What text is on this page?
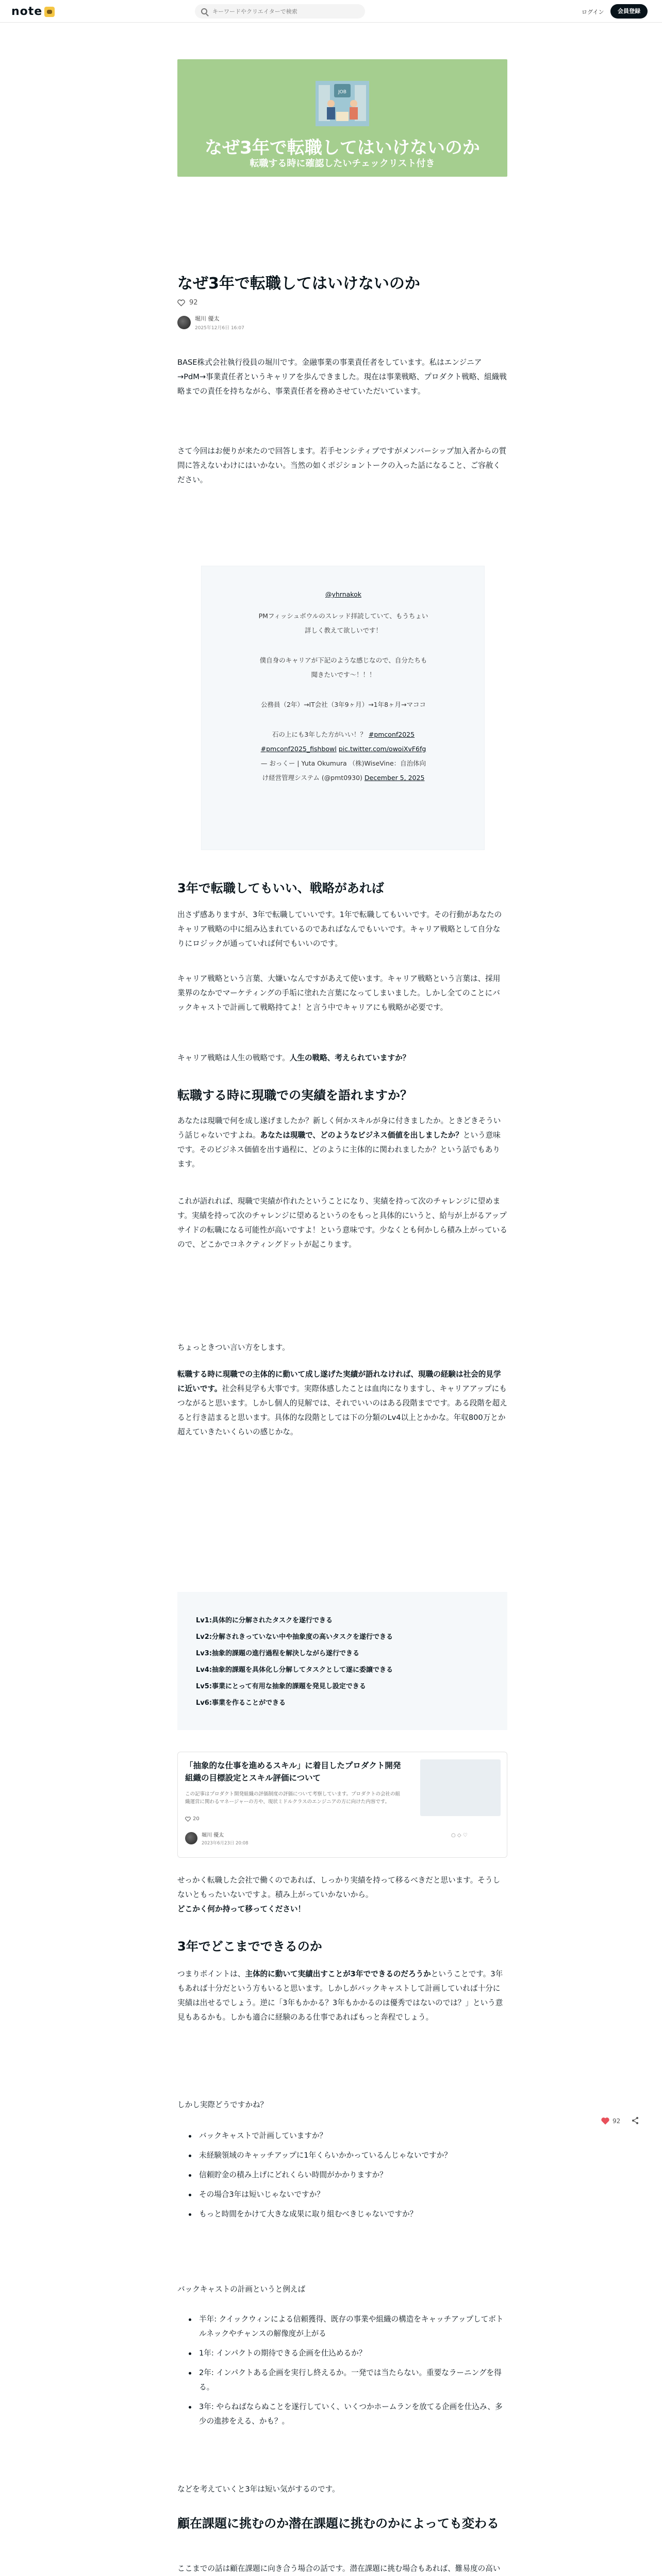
note
キーワードやクリエイターで検索	ログイン	会員登録
JOB
なぜ3年で転職してはいけないのか
転職する時に確認したいチェックリスト付き
なぜ3年で転職してはいけないのか
92
堀川 優太
2025年12月6日 16:07

BASE株式会社執行役員の堀川です。金融事業の事業責任者をしています。私はエンジニア→PdM→事業責任者というキャリアを歩んできました。現在は事業戦略、プロダクト戦略、組織戦略までの責任を持ちながら、事業責任者を務めさせていただいています。

さて今回はお便りが来たので回答します。若手センシティブですがメンバーシップ加入者からの質問に答えないわけにはいかない。当然の如くポジショントークの入った話になること、ご容赦ください。

@yhrnakok
PMフィッシュボウルのスレッド拝読していて、もうちょい
詳しく教えて欲しいです！
僕自身のキャリアが下記のような感じなので、自分たちも
聞きたいです〜！！！
公務員（2年）→IT会社（3年9ヶ月）→1年8ヶ月→マココ
石の上にも3年した方がいい！？ #pmconf2025
#pmconf2025_fishbowl pic.twitter.com/owoiXvF6fg
— おっくー | Yuta Okumura （株)WiseVine：自治体向
け経営管理システム (@pmt0930) December 5, 2025
3年で転職してもいい、戦略があれば

出さず感ありますが、3年で転職していいです。1年で転職してもいいです。その行動があなたのキャリア戦略の中に組み込まれているのであればなんでもいいです。キャリア戦略として自分なりにロジックが通っていれば何でもいいのです。

キャリア戦略という言葉、大嫌いなんですがあえて使います。キャリア戦略という言葉は、採用業界のなかでマーケティングの手垢に塗れた言葉になってしまいました。しかし全てのことにバックキャストで計画して戦略持てよ！と言う中でキャリアにも戦略が必要です。

キャリア戦略は人生の戦略です。人生の戦略、考えられていますか？

転職する時に現職での実績を語れますか？

あなたは現職で何を成し遂げましたか？新しく何かスキルが身に付きましたか。ときどきそういう話じゃないですよね。あなたは現職で、どのようなビジネス価値を出しましたか？という意味です。そのビジネス価値を出す過程に、どのように主体的に関われましたか？という話でもあります。

これが語れれば、現職で実績が作れたということになり、実績を持って次のチャレンジに望めます。実績を持って次のチャレンジに望めるというのをもっと具体的にいうと、給与が上がるアップサイドの転職になる可能性が高いですよ！という意味です。少なくとも何かしら積み上がっているので、どこかでコネクティングドットが起こります。

ちょっときつい言い方をします。

転職する時に現職での主体的に動いて成し遂げた実績が語れなければ、現職の経験は社会的見学に近いです。社会科見学も大事です。実際体感したことは血肉になりますし、キャリアアップにもつながると思います。しかし個人的見解では、それでいいのはある段階までです。ある段階を超えると行き詰まると思います。具体的な段階としては下の分類のLv4以上とかかな。年収800万とか超えていきたいくらいの感じかな。

Lv1:具体的に分解されたタスクを遂行できる
Lv2:分解されきっていない中や抽象度の高いタスクを遂行できる
Lv3:抽象的課題の進行過程を解決しながら遂行できる
Lv4:抽象的課題を具体化し分解してタスクとして遂に委譲できる
Lv5:事業にとって有用な抽象的課題を発見し設定できる
Lv6:事業を作ることができる
「抽象的な仕事を進めるスキル」に着目したプロダクト開発組織の目標設定とスキル評価について
この記事はプロダクト開発組織の評価制度の評価について考察しています。プロダクトの会社の組織運営に関わるマネージャーの方や、現状ミドルクラスのエンジニアの方に向けた内容です。
20
堀川 優太
2023年6月23日 20:08
○ ◇ ♡

せっかく転職した会社で働くのであれば、しっかり実績を持って移るべきだと思います。そうしないともったいないですよ。積み上がっていかないから。
どこかく何か持って移ってください！

3年でどこまでできるのか

つまりポイントは、主体的に動いて実績出すことが3年でできるのだろうかということです。3年もあれば十分だという方もいると思います。しかしがバックキャストして計画していれば十分に実績は出せるでしょう。逆に「3年もかかる？3年もかかるのは優秀ではないのでは？」という意見もあるかも。しかも適合に経験のある仕事であればもっと奔程でしょう。

しかし実際どうですかね？

バックキャストで計画していますか？
未経験領域のキャッチアップに1年くらいかかっているんじゃないですか？
信頼貯金の積み上げにどれくらい時間がかかりますか？
その場合3年は短いじゃないですか？
もっと時間をかけて大きな成果に取り組むべきじゃないですか？

バックキャストの計画というと例えば

半年: クイックウィンによる信頼獲得、既存の事業や組織の構造をキャッチアップしてボトルネックやチャンスの解像度が上がる
1年: インパクトの期待できる企画を仕込めるか？
2年: インパクトある企画を実行し終えるか。一発では当たらない。重要なラーニングを得る。
3年: やらねばならぬことを遂行していく、いくつかホームランを放てる企画を仕込み、多少の進捗をえる、かも？。

などを考えていくと3年は短い気がするのです。

顧在課題に挑むのか潜在課題に挑むのかによっても変わる

ここまでの話は顧在課題に向き合う場合の話です。潜在課題に挑む場合もあれば、難易度の高い

92
